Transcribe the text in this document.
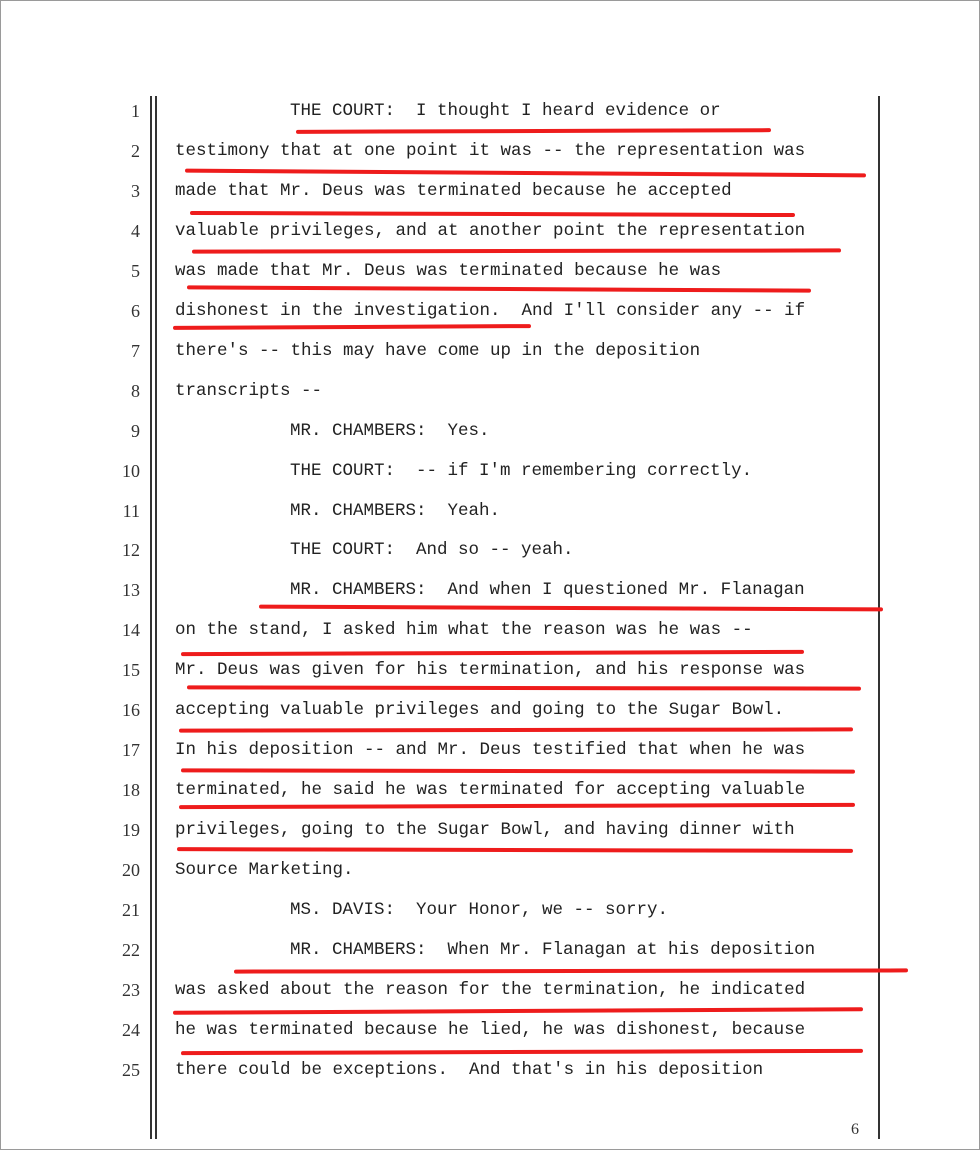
1	THE COURT:  I thought I heard evidence or
2 testimony that at one point it was -- the representation was
3 made that Mr. Deus was terminated because he accepted
4 valuable privileges, and at another point the representation
5 was made that Mr. Deus was terminated because he was
6 dishonest in the investigation.  And I'll consider any -- if
7 there's -- this may have come up in the deposition
8 transcripts --
9	MR. CHAMBERS:  Yes.
10	THE COURT:  -- if I'm remembering correctly.
11	MR. CHAMBERS:  Yeah.
12	THE COURT:  And so -- yeah.
13	MR. CHAMBERS:  And when I questioned Mr. Flanagan
14 on the stand, I asked him what the reason was he was --
15 Mr. Deus was given for his termination, and his response was
16 accepting valuable privileges and going to the Sugar Bowl.
17 In his deposition -- and Mr. Deus testified that when he was
18 terminated, he said he was terminated for accepting valuable
19 privileges, going to the Sugar Bowl, and having dinner with
20 Source Marketing.
21	MS. DAVIS:  Your Honor, we -- sorry.
22	MR. CHAMBERS:  When Mr. Flanagan at his deposition
23 was asked about the reason for the termination, he indicated
24 he was terminated because he lied, he was dishonest, because
25 there could be exceptions.  And that's in his deposition
6
